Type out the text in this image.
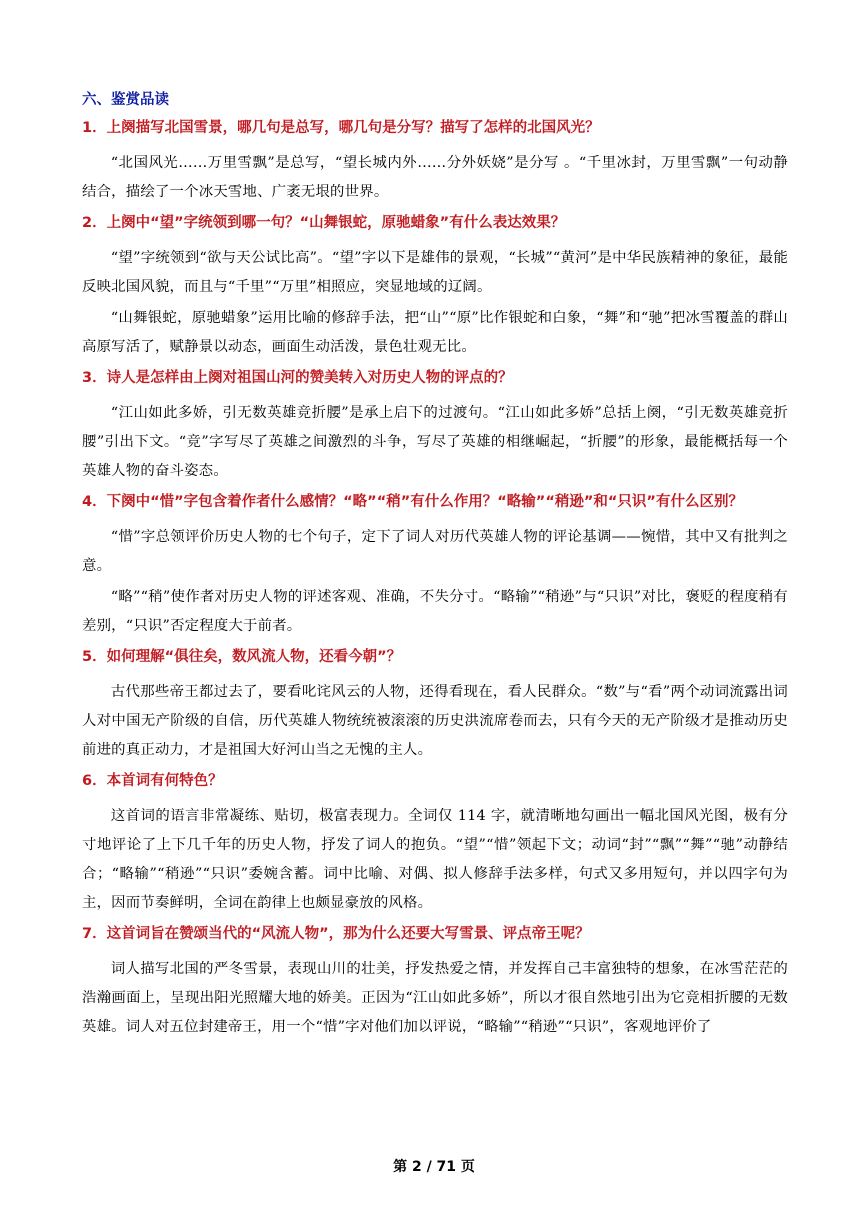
六、鉴赏品读
1．上阕描写北国雪景，哪几句是总写，哪几句是分写？描写了怎样的北国风光？

“北国风光……万里雪飘”是总写，“望长城内外……分外妖娆”是分写 。“千里冰封，万里雪飘”一句动静结合，描绘了一个冰天雪地、广袤无垠的世界。

2．上阕中“望”字统领到哪一句？“山舞银蛇，原驰蜡象”有什么表达效果？

“望”字统领到“欲与天公试比高”。“望”字以下是雄伟的景观，“长城”“黄河”是中华民族精神的象征，最能反映北国风貌，而且与“千里”“万里”相照应，突显地域的辽阔。

“山舞银蛇，原驰蜡象”运用比喻的修辞手法，把“山”“原”比作银蛇和白象，“舞”和“驰”把冰雪覆盖的群山高原写活了，赋静景以动态，画面生动活泼，景色壮观无比。

3．诗人是怎样由上阕对祖国山河的赞美转入对历史人物的评点的？

“江山如此多娇，引无数英雄竞折腰”是承上启下的过渡句。“江山如此多娇”总括上阕，“引无数英雄竞折腰”引出下文。“竞”字写尽了英雄之间激烈的斗争，写尽了英雄的相继崛起，“折腰”的形象，最能概括每一个英雄人物的奋斗姿态。

4．下阕中“惜”字包含着作者什么感情？“略”“稍”有什么作用？“略输”“稍逊”和“只识”有什么区别？

“惜”字总领评价历史人物的七个句子，定下了词人对历代英雄人物的评论基调——惋惜，其中又有批判之意。

“略”“稍”使作者对历史人物的评述客观、准确，不失分寸。“略输”“稍逊”与“只识”对比，褒贬的程度稍有差别，“只识”否定程度大于前者。

5．如何理解“俱往矣，数风流人物，还看今朝”？

古代那些帝王都过去了，要看叱诧风云的人物，还得看现在，看人民群众。“数”与“看”两个动词流露出词人对中国无产阶级的自信，历代英雄人物统统被滚滚的历史洪流席卷而去，只有今天的无产阶级才是推动历史前进的真正动力，才是祖国大好河山当之无愧的主人。

6．本首词有何特色？

这首词的语言非常凝练、贴切，极富表现力。全词仅 114 字，就清晰地勾画出一幅北国风光图，极有分寸地评论了上下几千年的历史人物，抒发了词人的抱负。“望”“惜”领起下文；动词“封”“飘”“舞”“驰”动静结合；“略输”“稍逊”“只识”委婉含蓄。词中比喻、对偶、拟人修辞手法多样，句式又多用短句，并以四字句为主，因而节奏鲜明，全词在韵律上也颇显豪放的风格。

7．这首词旨在赞颂当代的“风流人物”，那为什么还要大写雪景、评点帝王呢？

词人描写北国的严冬雪景，表现山川的壮美，抒发热爱之情，并发挥自己丰富独特的想象，在冰雪茫茫的浩瀚画面上，呈现出阳光照耀大地的娇美。正因为“江山如此多娇”，所以才很自然地引出为它竞相折腰的无数英雄。词人对五位封建帝王，用一个“惜”字对他们加以评说，“略输”“稍逊”“只识”，客观地评价了

第 2 / 71 页
